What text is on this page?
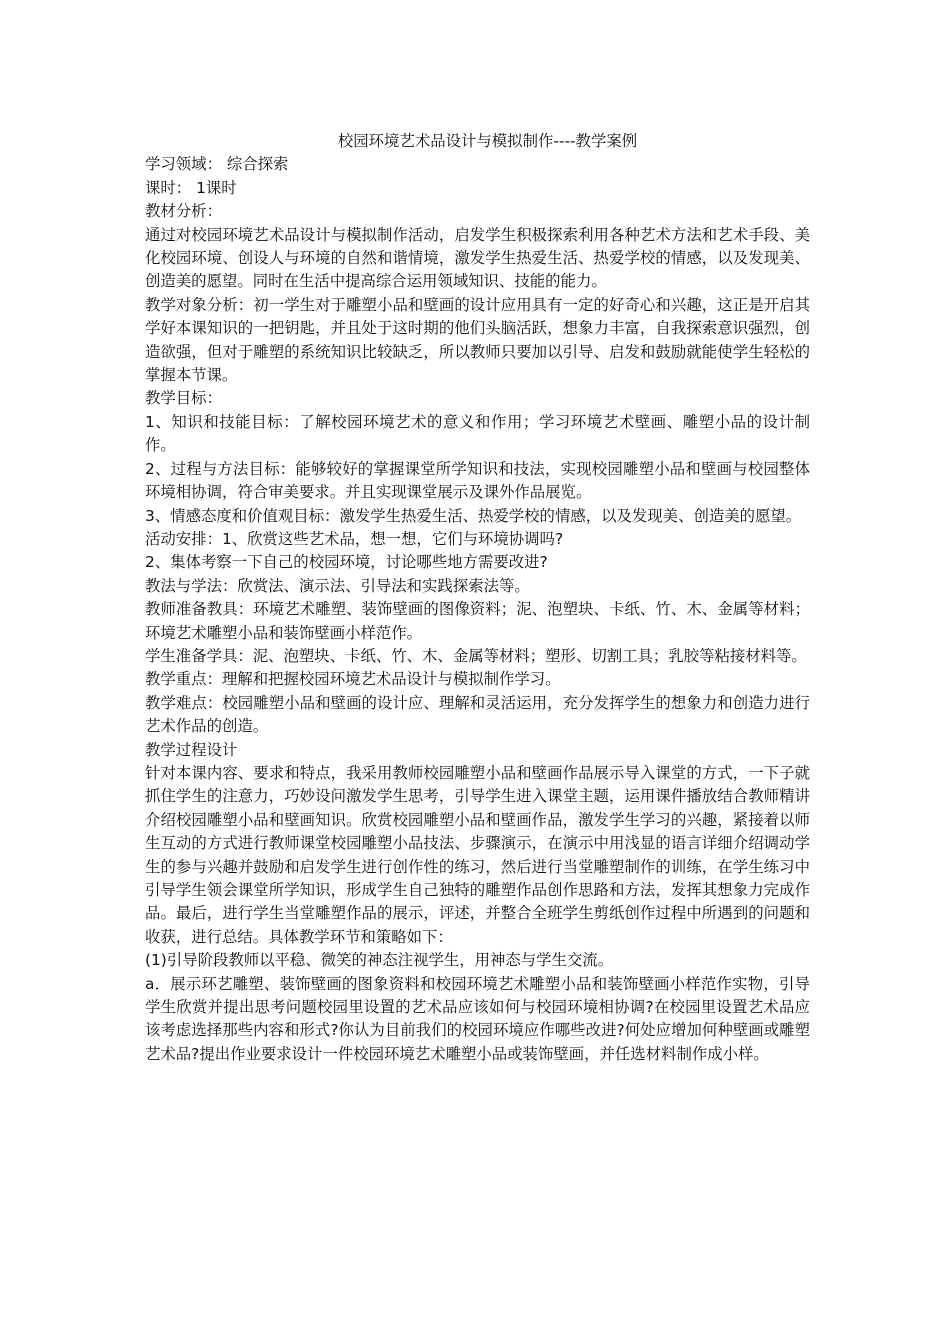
校园环境艺术品设计与模拟制作----教学案例

学习领域： 综合探索

课时： 1课时

教材分析：

通过对校园环境艺术品设计与模拟制作活动，启发学生积极探索利用各种艺术方法和艺术手段、美化校园环境、创设人与环境的自然和谐情境，激发学生热爱生活、热爱学校的情感，以及发现美、创造美的愿望。同时在生活中提高综合运用领域知识、技能的能力。

教学对象分析：初一学生对于雕塑小品和壁画的设计应用具有一定的好奇心和兴趣，这正是开启其学好本课知识的一把钥匙，并且处于这时期的他们头脑活跃，想象力丰富，自我探索意识强烈，创造欲强，但对于雕塑的系统知识比较缺乏，所以教师只要加以引导、启发和鼓励就能使学生轻松的掌握本节课。

教学目标：

1、知识和技能目标：了解校园环境艺术的意义和作用；学习环境艺术壁画、雕塑小品的设计制作。

2、过程与方法目标：能够较好的掌握课堂所学知识和技法，实现校园雕塑小品和壁画与校园整体环境相协调，符合审美要求。并且实现课堂展示及课外作品展览。

3、情感态度和价值观目标：激发学生热爱生活、热爱学校的情感，以及发现美、创造美的愿望。

活动安排：1、欣赏这些艺术品，想一想，它们与环境协调吗?

2、集体考察一下自己的校园环境，讨论哪些地方需要改进?

教法与学法：欣赏法、演示法、引导法和实践探索法等。

教师准备教具：环境艺术雕塑、装饰壁画的图像资料；泥、泡塑块、卡纸、竹、木、金属等材料；环境艺术雕塑小品和装饰壁画小样范作。

学生准备学具：泥、泡塑块、卡纸、竹、木、金属等材料；塑形、切割工具；乳胶等粘接材料等。

教学重点：理解和把握校园环境艺术品设计与模拟制作学习。

教学难点：校园雕塑小品和壁画的设计应、理解和灵活运用，充分发挥学生的想象力和创造力进行艺术作品的创造。

教学过程设计

针对本课内容、要求和特点，我采用教师校园雕塑小品和壁画作品展示导入课堂的方式，一下子就抓住学生的注意力，巧妙设问激发学生思考，引导学生进入课堂主题，运用课件播放结合教师精讲介绍校园雕塑小品和壁画知识。欣赏校园雕塑小品和壁画作品，激发学生学习的兴趣，紧接着以师生互动的方式进行教师课堂校园雕塑小品技法、步骤演示，在演示中用浅显的语言详细介绍调动学生的参与兴趣并鼓励和启发学生进行创作性的练习，然后进行当堂雕塑制作的训练，在学生练习中引导学生领会课堂所学知识，形成学生自己独特的雕塑作品创作思路和方法，发挥其想象力完成作品。最后，进行学生当堂雕塑作品的展示，评述，并整合全班学生剪纸创作过程中所遇到的问题和收获，进行总结。具体教学环节和策略如下：

(1)引导阶段教师以平稳、微笑的神态注视学生，用神态与学生交流。

a．展示环艺雕塑、装饰壁画的图象资料和校园环境艺术雕塑小品和装饰壁画小样范作实物，引导学生欣赏并提出思考问题校园里设置的艺术品应该如何与校园环境相协调?在校园里设置艺术品应该考虑选择那些内容和形式?你认为目前我们的校园环境应作哪些改进?何处应增加何种壁画或雕塑艺术品?提出作业要求设计一件校园环境艺术雕塑小品或装饰壁画，并任选材料制作成小样。
